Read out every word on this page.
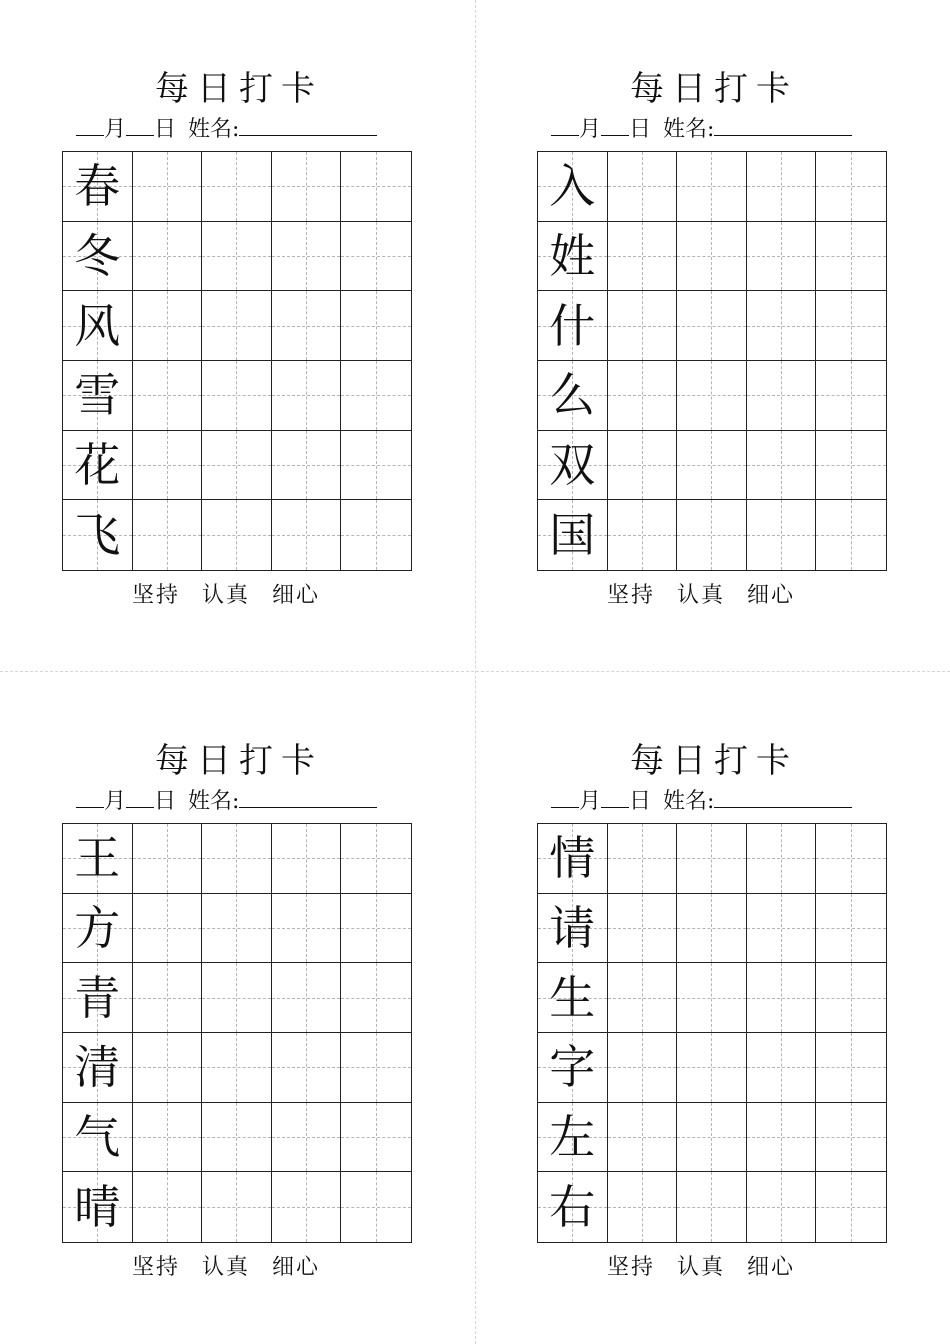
每日打卡
月 日 姓名:
春
冬
风
雪
花
飞
坚持 认真 细心
每日打卡
月 日 姓名:
入
姓
什
么
双
国
坚持 认真 细心
每日打卡
月 日 姓名:
王
方
青
清
气
晴
坚持 认真 细心
每日打卡
月 日 姓名:
情
请
生
字
左
右
坚持 认真 细心
